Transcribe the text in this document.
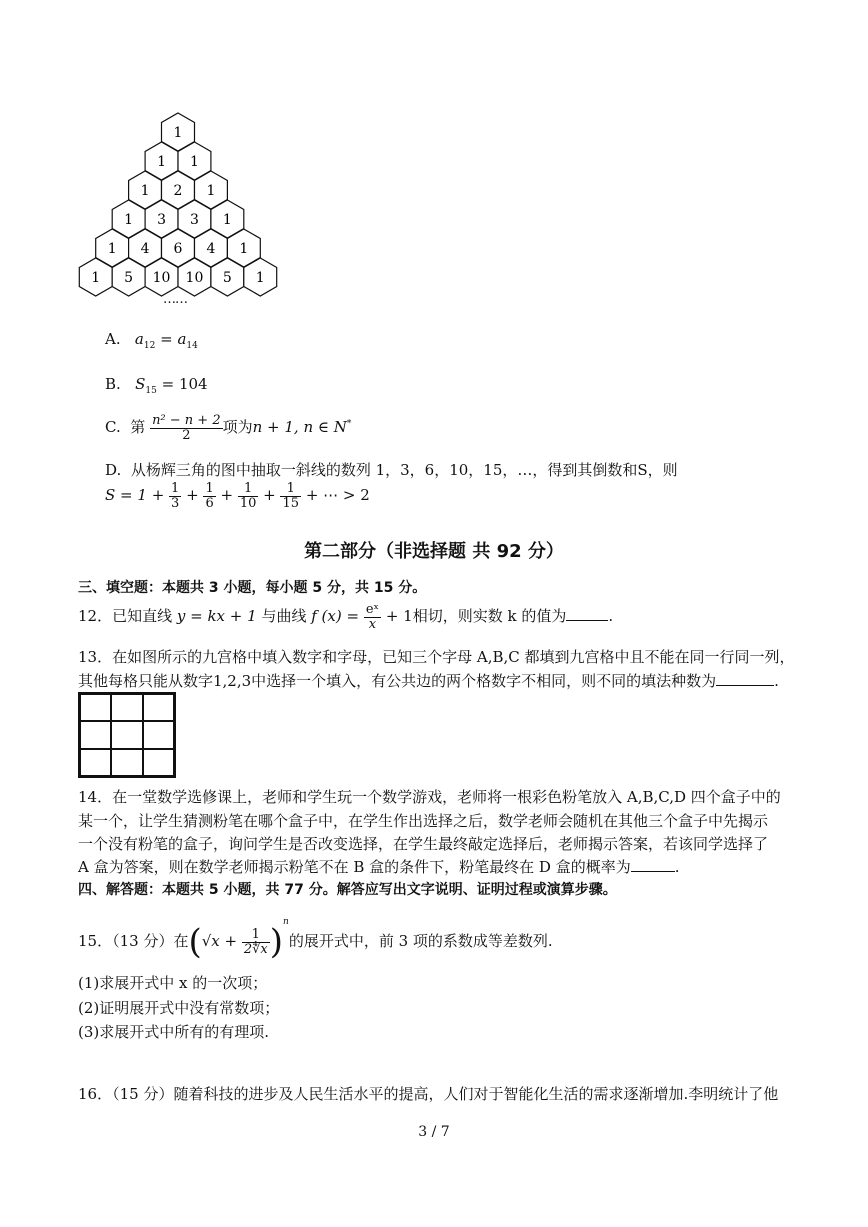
1
1 1
1 2 1
1 3 3 1
1 4 6 4 1
1 5 10 10 5 1
……
A. $a_{12} = a_{14}$
B. $S_{15} = 104$
C. 第 $\frac{\text{n² − n + 2}}{2}$ 项为n + 1, n ∈ N*
D. 从杨辉三角的图中抽取一斜线的数列 1，3，6，10，15，…，得到其倒数和S，则
$S = 1 + \frac{1}{3} + \frac{1}{6} + \frac{1}{10} + \frac{1}{15}$ + ⋯ > 2
第二部分（非选择题 共 92 分）
三、填空题：本题共 3 小题，每小题 5 分，共 15 分。
12．已知直线 y = kx + 1 与曲线 f $(x) = \frac{\text{eˣ}}{x} + 1$相切，则实数 k 的值为	.
13．在如图所示的九宫格中填入数字和字母，已知三个字母 A,B,C 都填到九宫格中且不能在同一行同一列，
其他每格只能从数字1,2,3中选择一个填入，有公共边的两个格数字不相同，则不同的填法种数为	.
14．在一堂数学选修课上，老师和学生玩一个数学游戏，老师将一根彩色粉笔放入 A,B,C,D 四个盒子中的
某一个，让学生猜测粉笔在哪个盒子中，在学生作出选择之后，数学老师会随机在其他三个盒子中先揭示
一个没有粉笔的盒子，询问学生是否改变选择，在学生最终敲定选择后，老师揭示答案，若该同学选择了
A 盒为答案，则在数学老师揭示粉笔不在 B 盒的条件下，粉笔最终在 D 盒的概率为	.
四、解答题：本题共 5 小题，共 77 分。解答应写出文字说明、证明过程或演算步骤。
15．（13 分）在$(√x + \frac{1}{2∜x} )^n$的展开式中，前 3 项的系数成等差数列.
(1)求展开式中 x 的一次项；
(2)证明展开式中没有常数项；
(3)求展开式中所有的有理项.
16．（15 分）随着科技的进步及人民生活水平的提高，人们对于智能化生活的需求逐渐增加.李明统计了他
3 / 7
